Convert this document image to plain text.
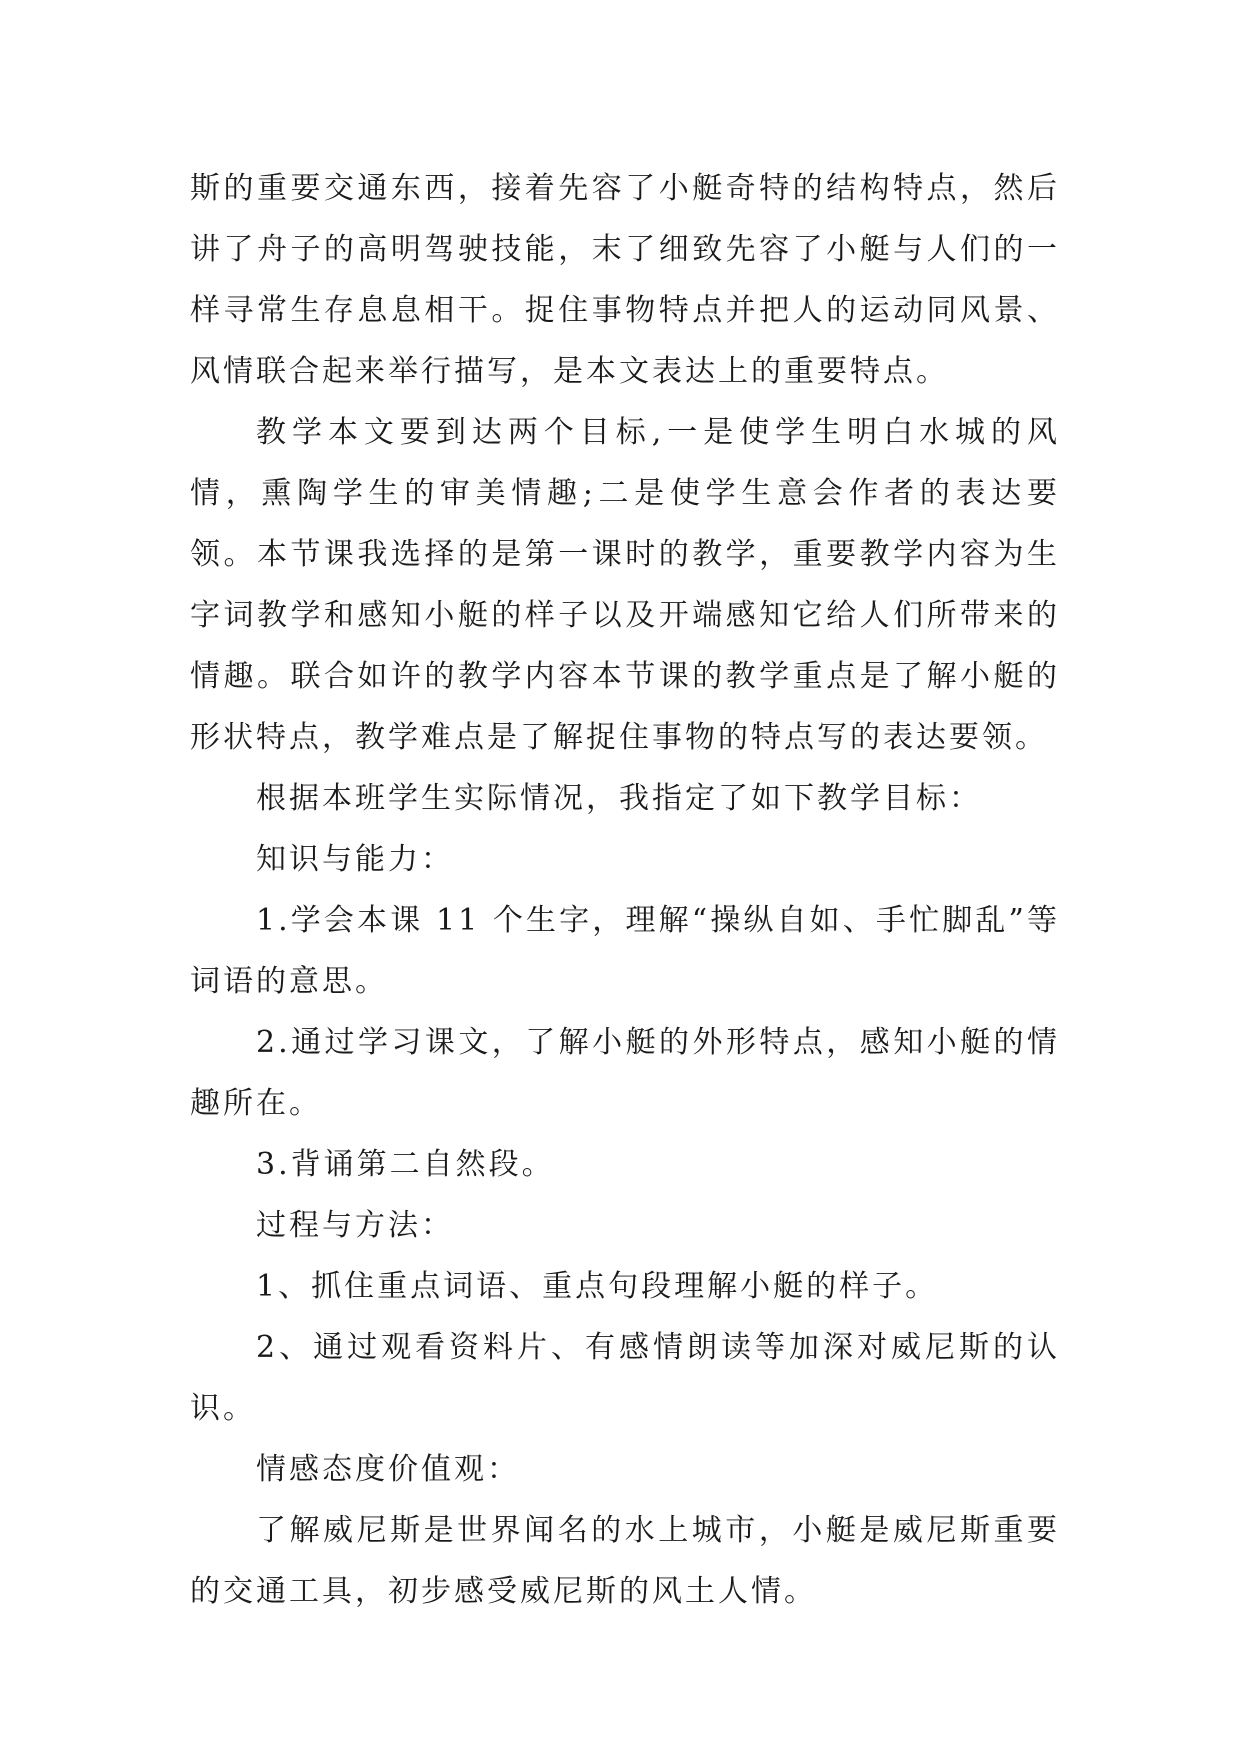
斯的重要交通东西，接着先容了小艇奇特的结构特点，然后讲了舟子的高明驾驶技能，末了细致先容了小艇与人们的一样寻常生存息息相干。捉住事物特点并把人的运动同风景、风情联合起来举行描写，是本文表达上的重要特点。

教学本文要到达两个目标,一是使学生明白水城的风情，熏陶学生的审美情趣;二是使学生意会作者的表达要领。本节课我选择的是第一课时的教学，重要教学内容为生字词教学和感知小艇的样子以及开端感知它给人们所带来的情趣。联合如许的教学内容本节课的教学重点是了解小艇的形状特点，教学难点是了解捉住事物的特点写的表达要领。

根据本班学生实际情况，我指定了如下教学目标：

知识与能力：

1.学会本课 11 个生字，理解“操纵自如、手忙脚乱”等词语的意思。

2.通过学习课文，了解小艇的外形特点，感知小艇的情趣所在。

3.背诵第二自然段。

过程与方法：

1、抓住重点词语、重点句段理解小艇的样子。

2、通过观看资料片、有感情朗读等加深对威尼斯的认识。

情感态度价值观：

了解威尼斯是世界闻名的水上城市，小艇是威尼斯重要的交通工具，初步感受威尼斯的风土人情。
